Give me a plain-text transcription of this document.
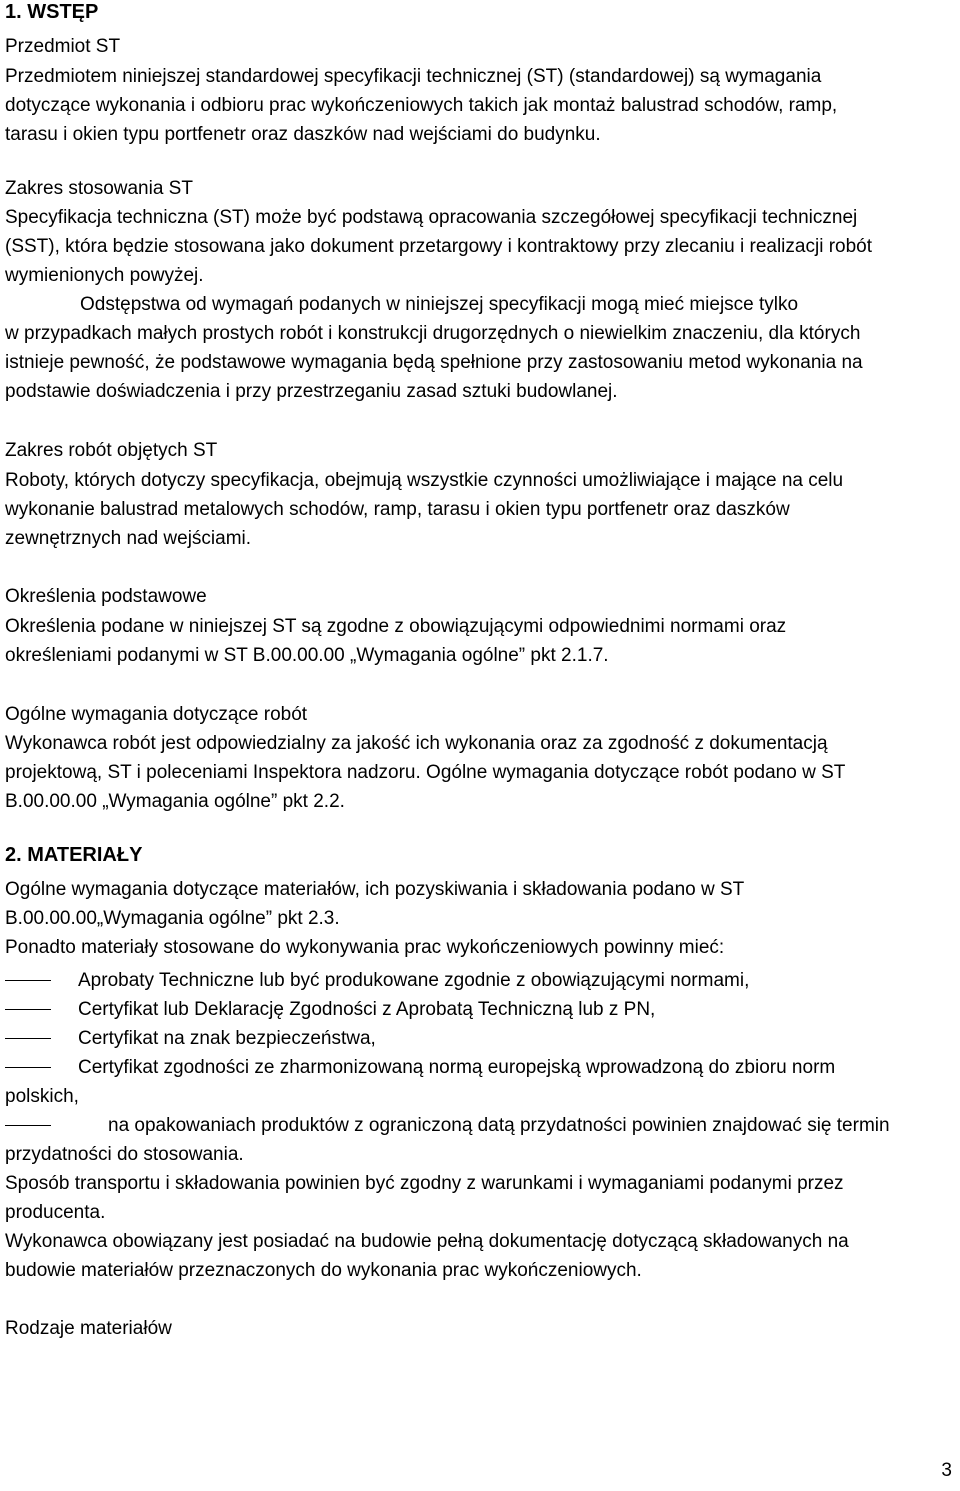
1. WSTĘP
Przedmiot ST
Przedmiotem niniejszej standardowej specyfikacji technicznej (ST) (standardowej) są wymagania
dotyczące wykonania i odbioru prac wykończeniowych takich jak montaż balustrad schodów, ramp,
tarasu i okien typu portfenetr oraz daszków nad wejściami do budynku.
Zakres stosowania ST
Specyfikacja techniczna (ST) może być podstawą opracowania szczegółowej specyfikacji technicznej
(SST), która będzie stosowana jako dokument przetargowy i kontraktowy przy zlecaniu i realizacji robót
wymienionych powyżej.
Odstępstwa od wymagań podanych w niniejszej specyfikacji mogą mieć miejsce tylko
w przypadkach małych prostych robót i konstrukcji drugorzędnych o niewielkim znaczeniu, dla których
istnieje pewność, że podstawowe wymagania będą spełnione przy zastosowaniu metod wykonania na
podstawie doświadczenia i przy przestrzeganiu zasad sztuki budowlanej.
Zakres robót objętych ST
Roboty, których dotyczy specyfikacja, obejmują wszystkie czynności umożliwiające i mające na celu
wykonanie balustrad metalowych schodów, ramp, tarasu i okien typu portfenetr oraz daszków
zewnętrznych nad wejściami.
Określenia podstawowe
Określenia podane w niniejszej ST są zgodne z obowiązującymi odpowiednimi normami oraz
określeniami podanymi w ST B.00.00.00 „Wymagania ogólne” pkt 2.1.7.
Ogólne wymagania dotyczące robót
Wykonawca robót jest odpowiedzialny za jakość ich wykonania oraz za zgodność z dokumentacją
projektową, ST i poleceniami Inspektora nadzoru. Ogólne wymagania dotyczące robót podano w ST
B.00.00.00 „Wymagania ogólne” pkt 2.2.
2. MATERIAŁY
Ogólne wymagania dotyczące materiałów, ich pozyskiwania i składowania podano w ST
B.00.00.00„Wymagania ogólne” pkt 2.3.
Ponadto materiały stosowane do wykonywania prac wykończeniowych powinny mieć:
Aprobaty Techniczne lub być produkowane zgodnie z obowiązującymi normami,
Certyfikat lub Deklarację Zgodności z Aprobatą Techniczną lub z PN,
Certyfikat na znak bezpieczeństwa,
Certyfikat zgodności ze zharmonizowaną normą europejską wprowadzoną do zbioru norm
polskich,
na opakowaniach produktów z ograniczoną datą przydatności powinien znajdować się termin
przydatności do stosowania.
Sposób transportu i składowania powinien być zgodny z warunkami i wymaganiami podanymi przez
producenta.
Wykonawca obowiązany jest posiadać na budowie pełną dokumentację dotyczącą składowanych na
budowie materiałów przeznaczonych do wykonania prac wykończeniowych.
Rodzaje materiałów
3
